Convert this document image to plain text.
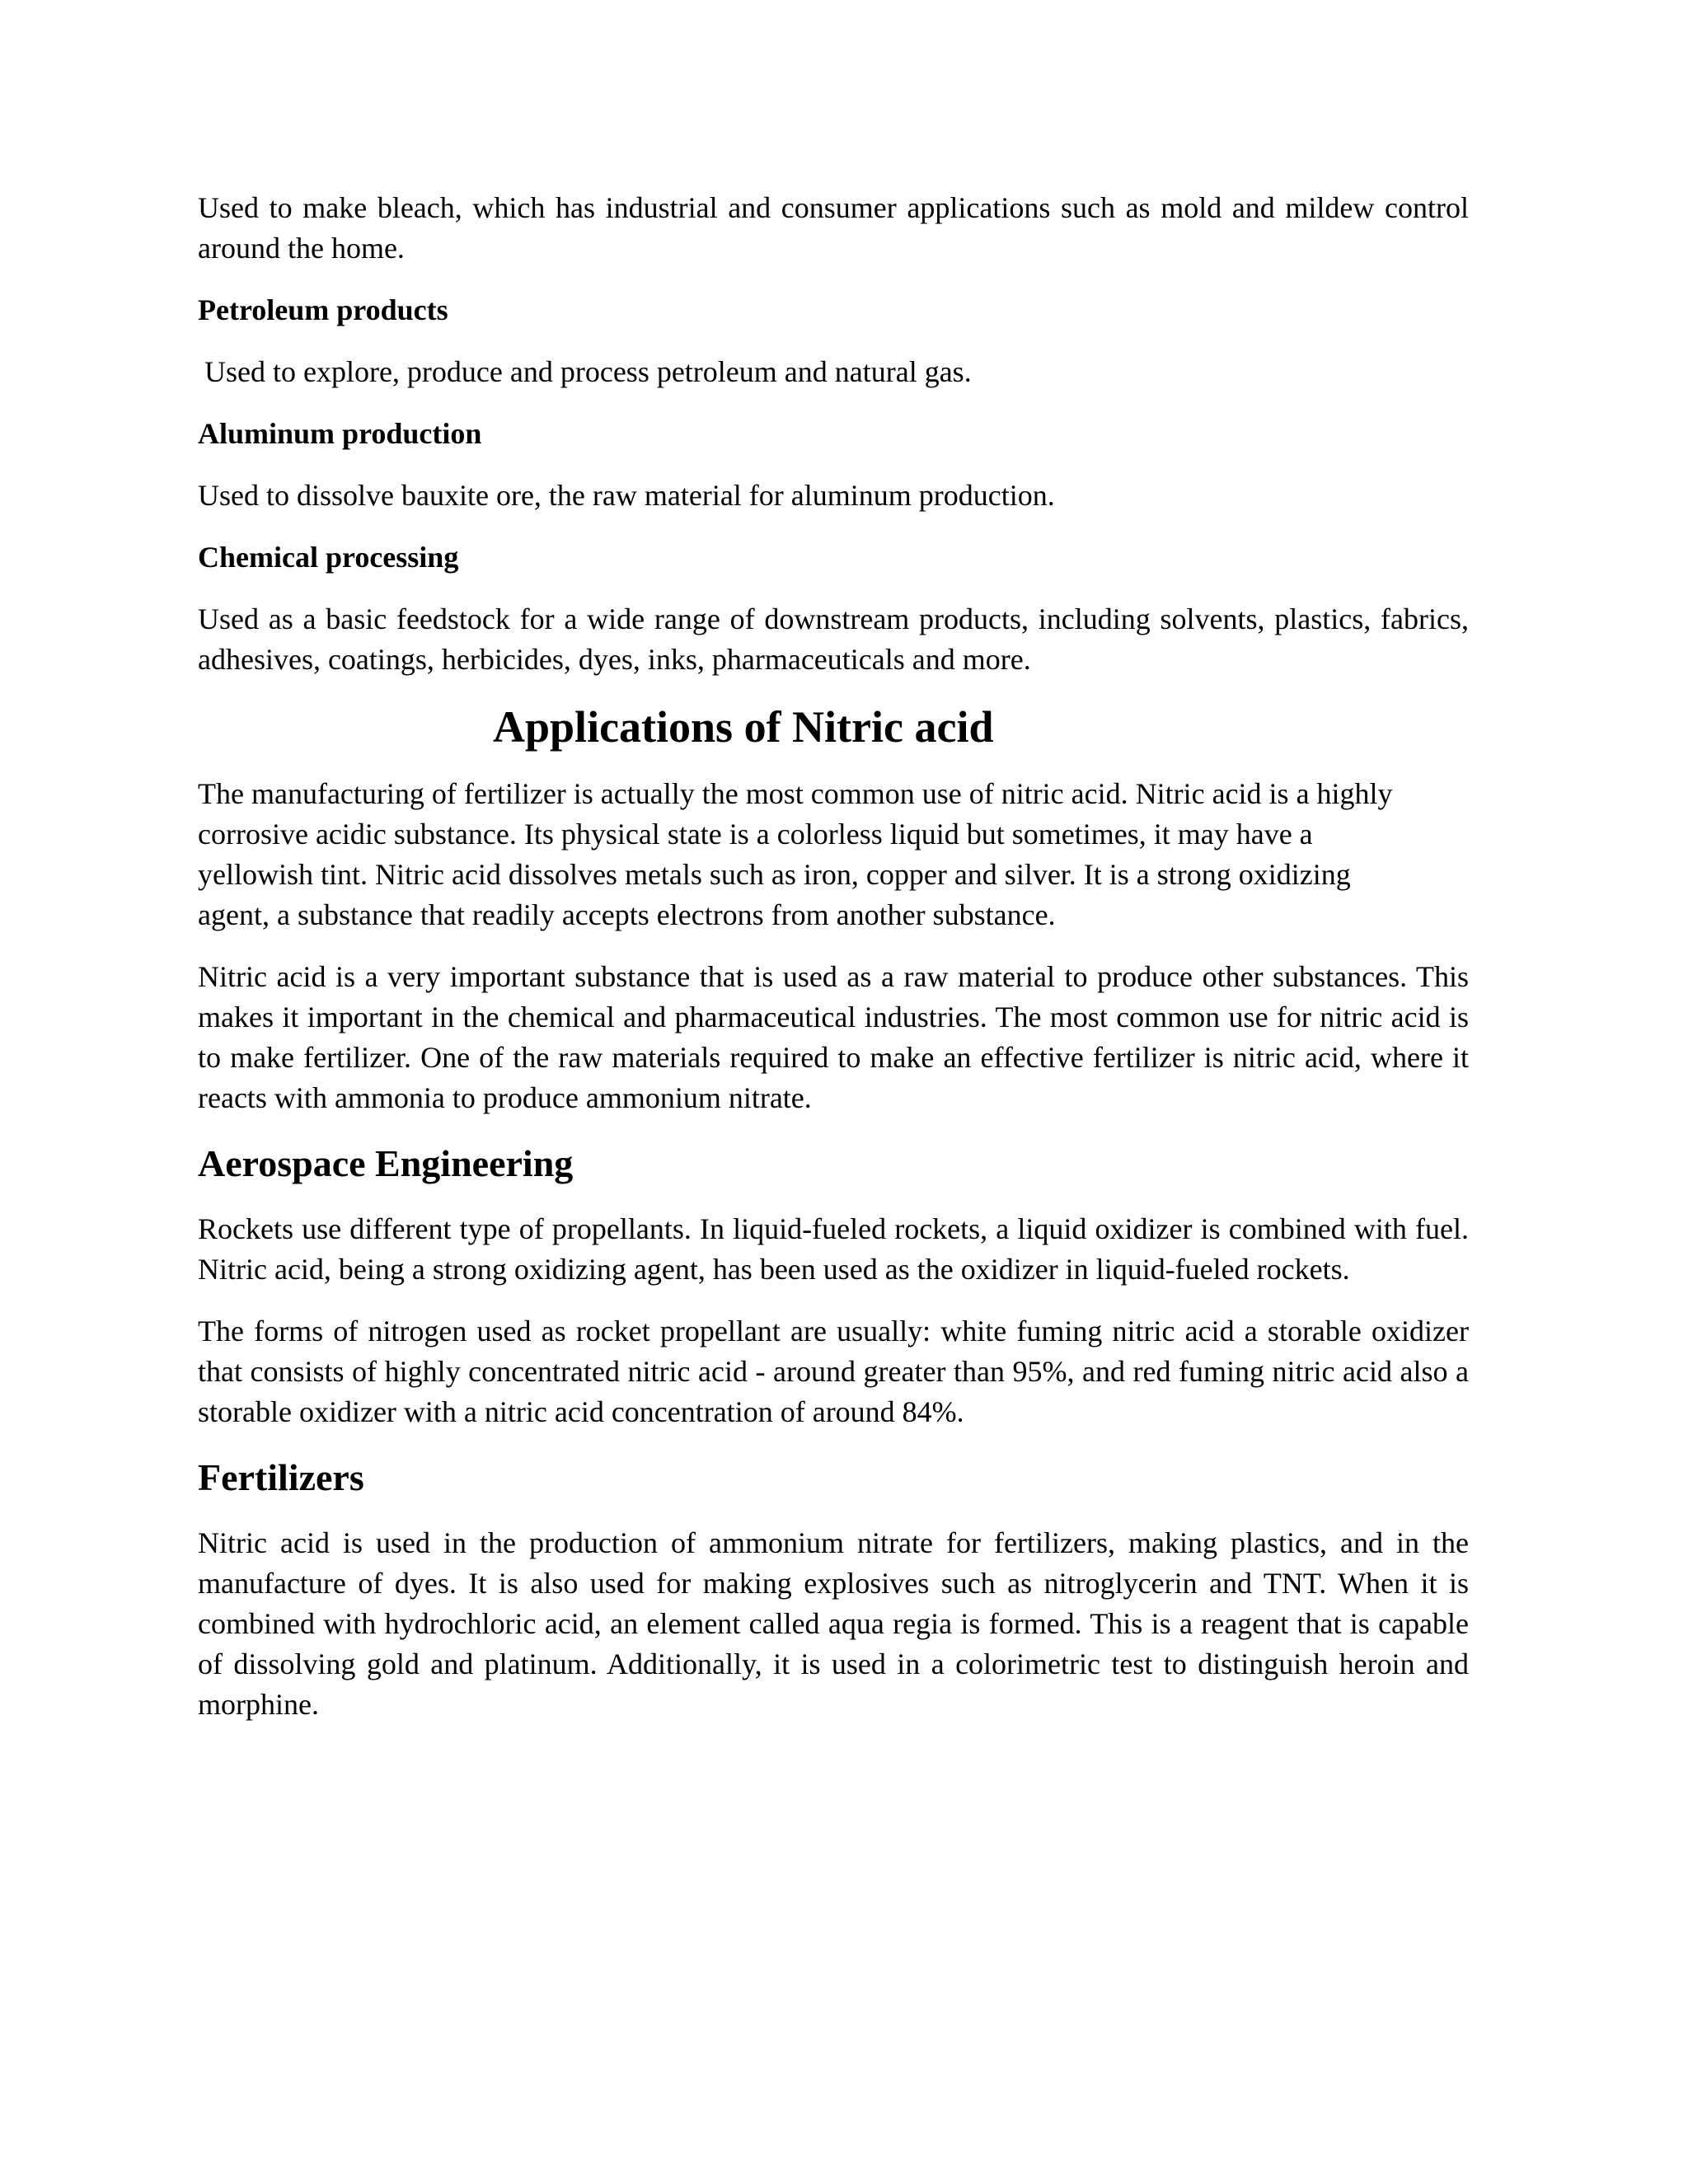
Used to make bleach, which has industrial and consumer applications such as mold and mildew control around the home.

Petroleum products

Used to explore, produce and process petroleum and natural gas.

Aluminum production

Used to dissolve bauxite ore, the raw material for aluminum production.

Chemical processing

Used as a basic feedstock for a wide range of downstream products, including solvents, plastics, fabrics, adhesives, coatings, herbicides, dyes, inks, pharmaceuticals and more.

Applications of Nitric acid

The manufacturing of fertilizer is actually the most common use of nitric acid. Nitric acid is a highly corrosive acidic substance. Its physical state is a colorless liquid but sometimes, it may have a yellowish tint. Nitric acid dissolves metals such as iron, copper and silver. It is a strong oxidizing agent, a substance that readily accepts electrons from another substance.

Nitric acid is a very important substance that is used as a raw material to produce other substances. This makes it important in the chemical and pharmaceutical industries. The most common use for nitric acid is to make fertilizer. One of the raw materials required to make an effective fertilizer is nitric acid, where it reacts with ammonia to produce ammonium nitrate.

Aerospace Engineering

Rockets use different type of propellants. In liquid-fueled rockets, a liquid oxidizer is combined with fuel. Nitric acid, being a strong oxidizing agent, has been used as the oxidizer in liquid-fueled rockets.

The forms of nitrogen used as rocket propellant are usually: white fuming nitric acid a storable oxidizer that consists of highly concentrated nitric acid - around greater than 95%, and red fuming nitric acid also a storable oxidizer with a nitric acid concentration of around 84%.

Fertilizers

Nitric acid is used in the production of ammonium nitrate for fertilizers, making plastics, and in the manufacture of dyes. It is also used for making explosives such as nitroglycerin and TNT. When it is combined with hydrochloric acid, an element called aqua regia is formed. This is a reagent that is capable of dissolving gold and platinum. Additionally, it is used in a colorimetric test to distinguish heroin and morphine.
